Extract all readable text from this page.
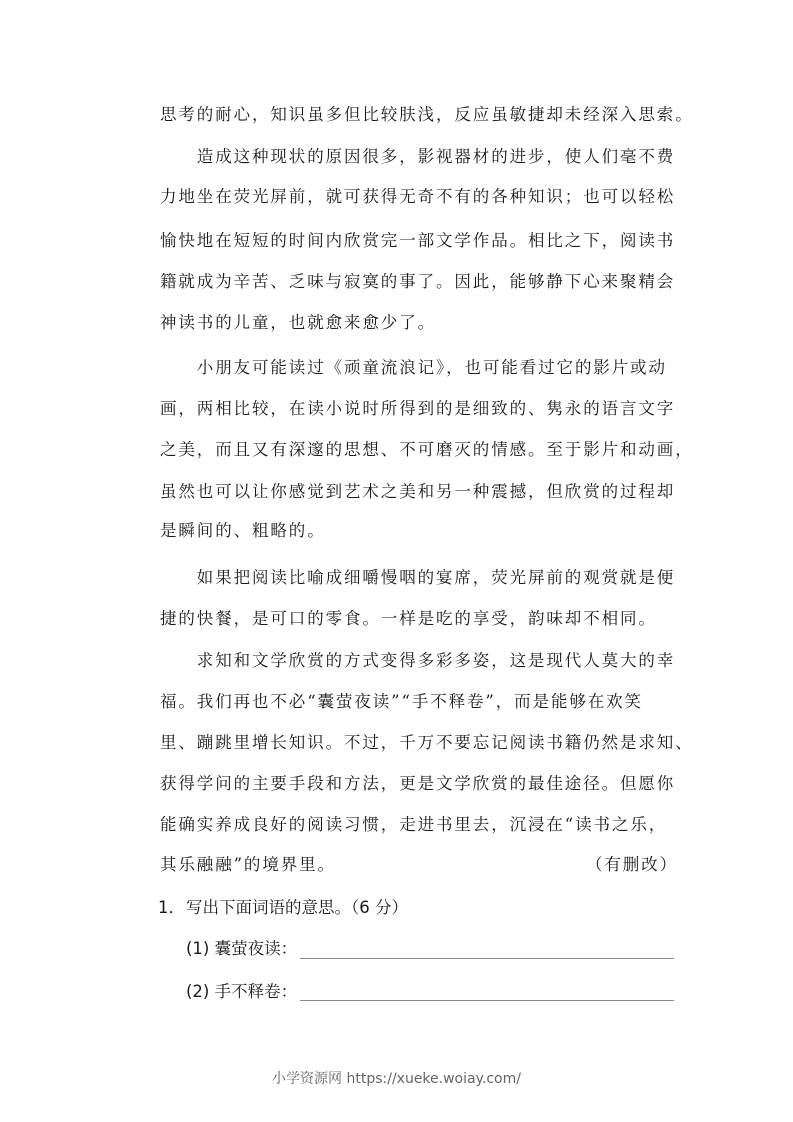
思考的耐心，知识虽多但比较肤浅，反应虽敏捷却未经深入思索。
　　造成这种现状的原因很多，影视器材的进步，使人们毫不费
力地坐在荧光屏前，就可获得无奇不有的各种知识；也可以轻松
愉快地在短短的时间内欣赏完一部文学作品。相比之下，阅读书
籍就成为辛苦、乏味与寂寞的事了。因此，能够静下心来聚精会
神读书的儿童，也就愈来愈少了。
　　小朋友可能读过《顽童流浪记》，也可能看过它的影片或动
画，两相比较，在读小说时所得到的是细致的、隽永的语言文字
之美，而且又有深邃的思想、不可磨灭的情感。至于影片和动画，
虽然也可以让你感觉到艺术之美和另一种震撼，但欣赏的过程却
是瞬间的、粗略的。
　　如果把阅读比喻成细嚼慢咽的宴席，荧光屏前的观赏就是便
捷的快餐，是可口的零食。一样是吃的享受，韵味却不相同。
　　求知和文学欣赏的方式变得多彩多姿，这是现代人莫大的幸
福。我们再也不必“囊萤夜读”“手不释卷”，而是能够在欢笑
里、蹦跳里增长知识。不过，千万不要忘记阅读书籍仍然是求知、
获得学问的主要手段和方法，更是文学欣赏的最佳途径。但愿你
能确实养成良好的阅读习惯，走进书里去，沉浸在“读书之乐，
其乐融融”的境界里。	（有删改）
1． 写出下面词语的意思。（6 分）
(1) 囊萤夜读：
(2) 手不释卷：
小学资源网 https://xueke.woiay.com/
